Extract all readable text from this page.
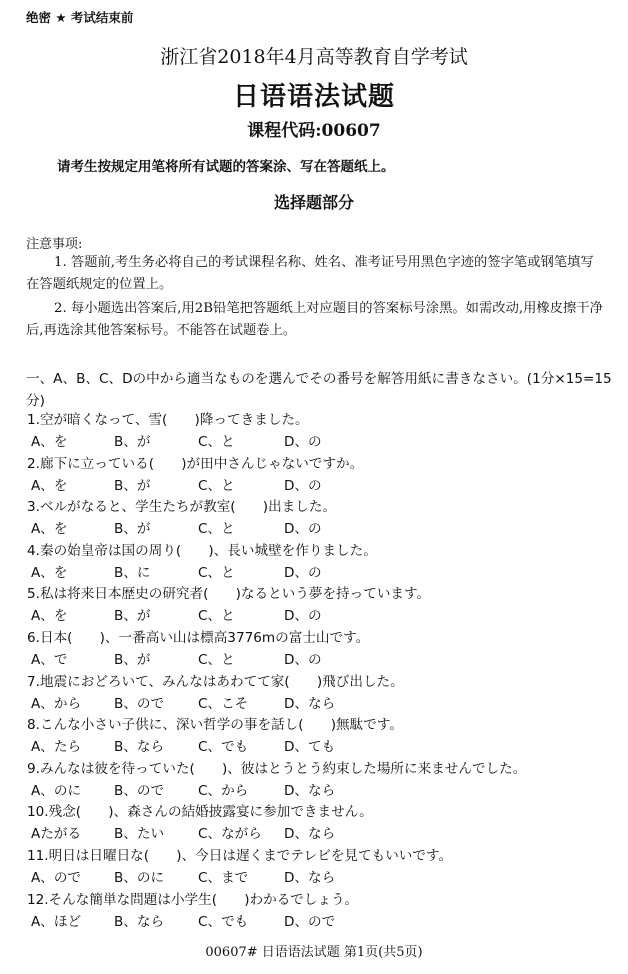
绝密 ★ 考试结束前
浙江省2018年4月高等教育自学考试
日语语法试题
课程代码:00607
请考生按规定用笔将所有试题的答案涂、写在答题纸上。
选择题部分
注意事项:
1. 答题前,考生务必将自己的考试课程名称、姓名、准考证号用黑色字迹的签字笔或钢笔填写在答题纸规定的位置上。
2. 每小题选出答案后,用2B铅笔把答题纸上对应题目的答案标号涂黑。如需改动,用橡皮擦干净后,再选涂其他答案标号。不能答在试题卷上。
一、A、B、C、Dの中から適当なものを選んでその番号を解答用紙に書きなさい。(1分×15=15分)
1.空が暗くなって、雪(　　)降ってきました。
A、を	B、が	C、と	D、の
2.廊下に立っている(　　)が田中さんじゃないですか。
A、を	B、が	C、と	D、の
3.ベルがなると、学生たちが教室(　　)出ました。
A、を	B、が	C、と	D、の
4.秦の始皇帝は国の周り(　　)、長い城壁を作りました。
A、を	B、に	C、と	D、の
5.私は将来日本歴史の研究者(　　)なるという夢を持っています。
A、を	B、が	C、と	D、の
6.日本(　　)、一番高い山は標高3776mの富士山です。
A、で	B、が	C、と	D、の
7.地震におどろいて、みんなはあわてて家(　　)飛び出した。
A、から B、ので C、こそ	D、なら
8.こんな小さい子供に、深い哲学の事を話し(　　)無駄です。
A、たら B、なら C、でも	D、ても
9.みんなは彼を待っていた(　　)、彼はとうとう約束した場所に来ませんでした。
A、のに B、ので C、から	D、なら
10.残念(　　)、森さんの結婚披露宴に参加できません。
Aたがる B、たい C、ながら D、なら
11.明日は日曜日な(　　)、今日は遅くまでテレビを見てもいいです。
A、ので B、のに C、まで	D、なら
12.そんな簡単な問題は小学生(　　)わかるでしょう。
A、ほど B、なら C、でも	D、ので
00607# 日语语法试题 第1页(共5页)
